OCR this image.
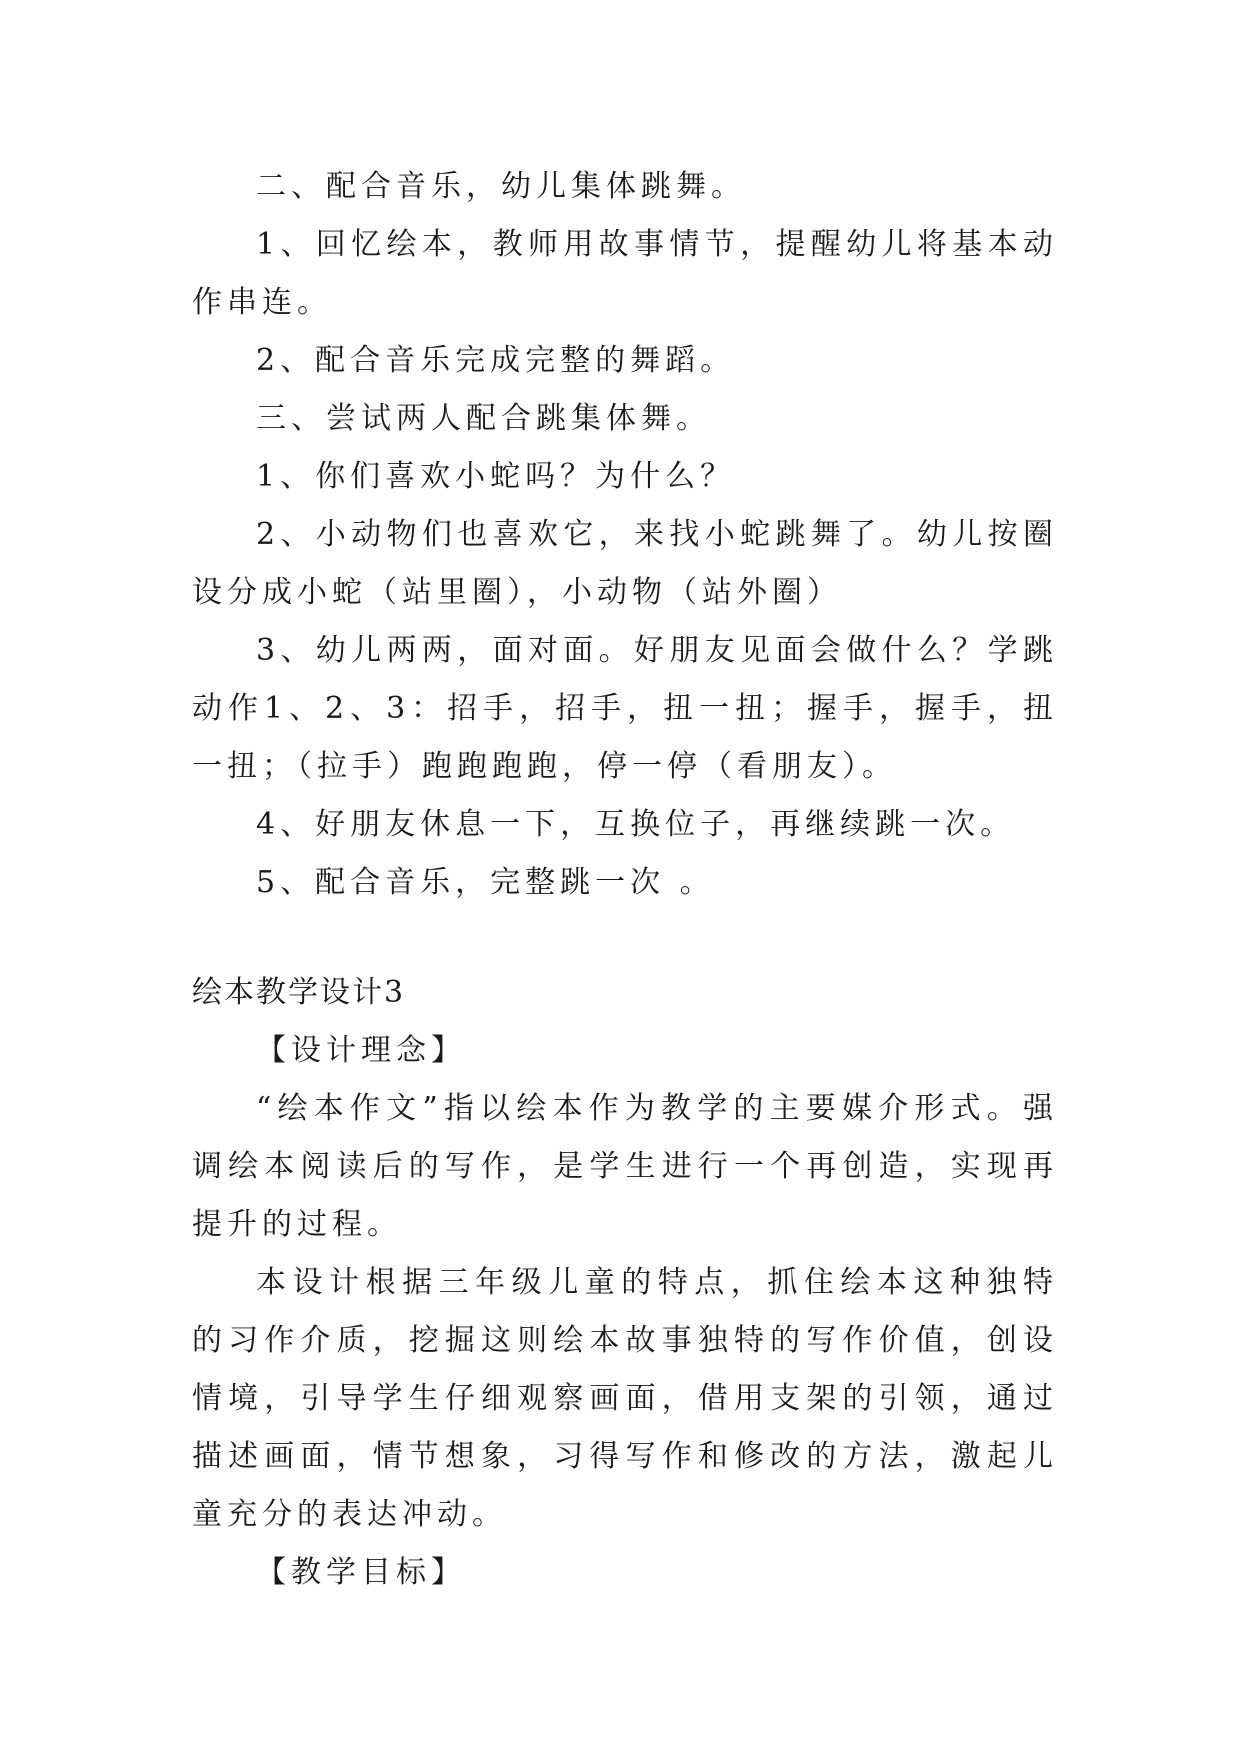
二、配合音乐，幼儿集体跳舞。

1、回忆绘本，教师用故事情节，提醒幼儿将基本动作串连。

2、配合音乐完成完整的舞蹈。

三、尝试两人配合跳集体舞。

1、你们喜欢小蛇吗？为什么？

2、小动物们也喜欢它，来找小蛇跳舞了。幼儿按圈设分成小蛇（站里圈），小动物（站外圈）

3、幼儿两两，面对面。好朋友见面会做什么？学跳动作1、2、3：招手，招手，扭一扭；握手，握手，扭一扭；（拉手）跑跑跑跑，停一停（看朋友）。

4、好朋友休息一下，互换位子，再继续跳一次。

5、配合音乐，完整跳一次 。

绘本教学设计3

【设计理念】

“绘本作文”指以绘本作为教学的主要媒介形式。强调绘本阅读后的写作，是学生进行一个再创造，实现再提升的过程。

本设计根据三年级儿童的特点，抓住绘本这种独特的习作介质，挖掘这则绘本故事独特的写作价值，创设情境，引导学生仔细观察画面，借用支架的引领，通过描述画面，情节想象，习得写作和修改的方法，激起儿童充分的表达冲动。

【教学目标】
